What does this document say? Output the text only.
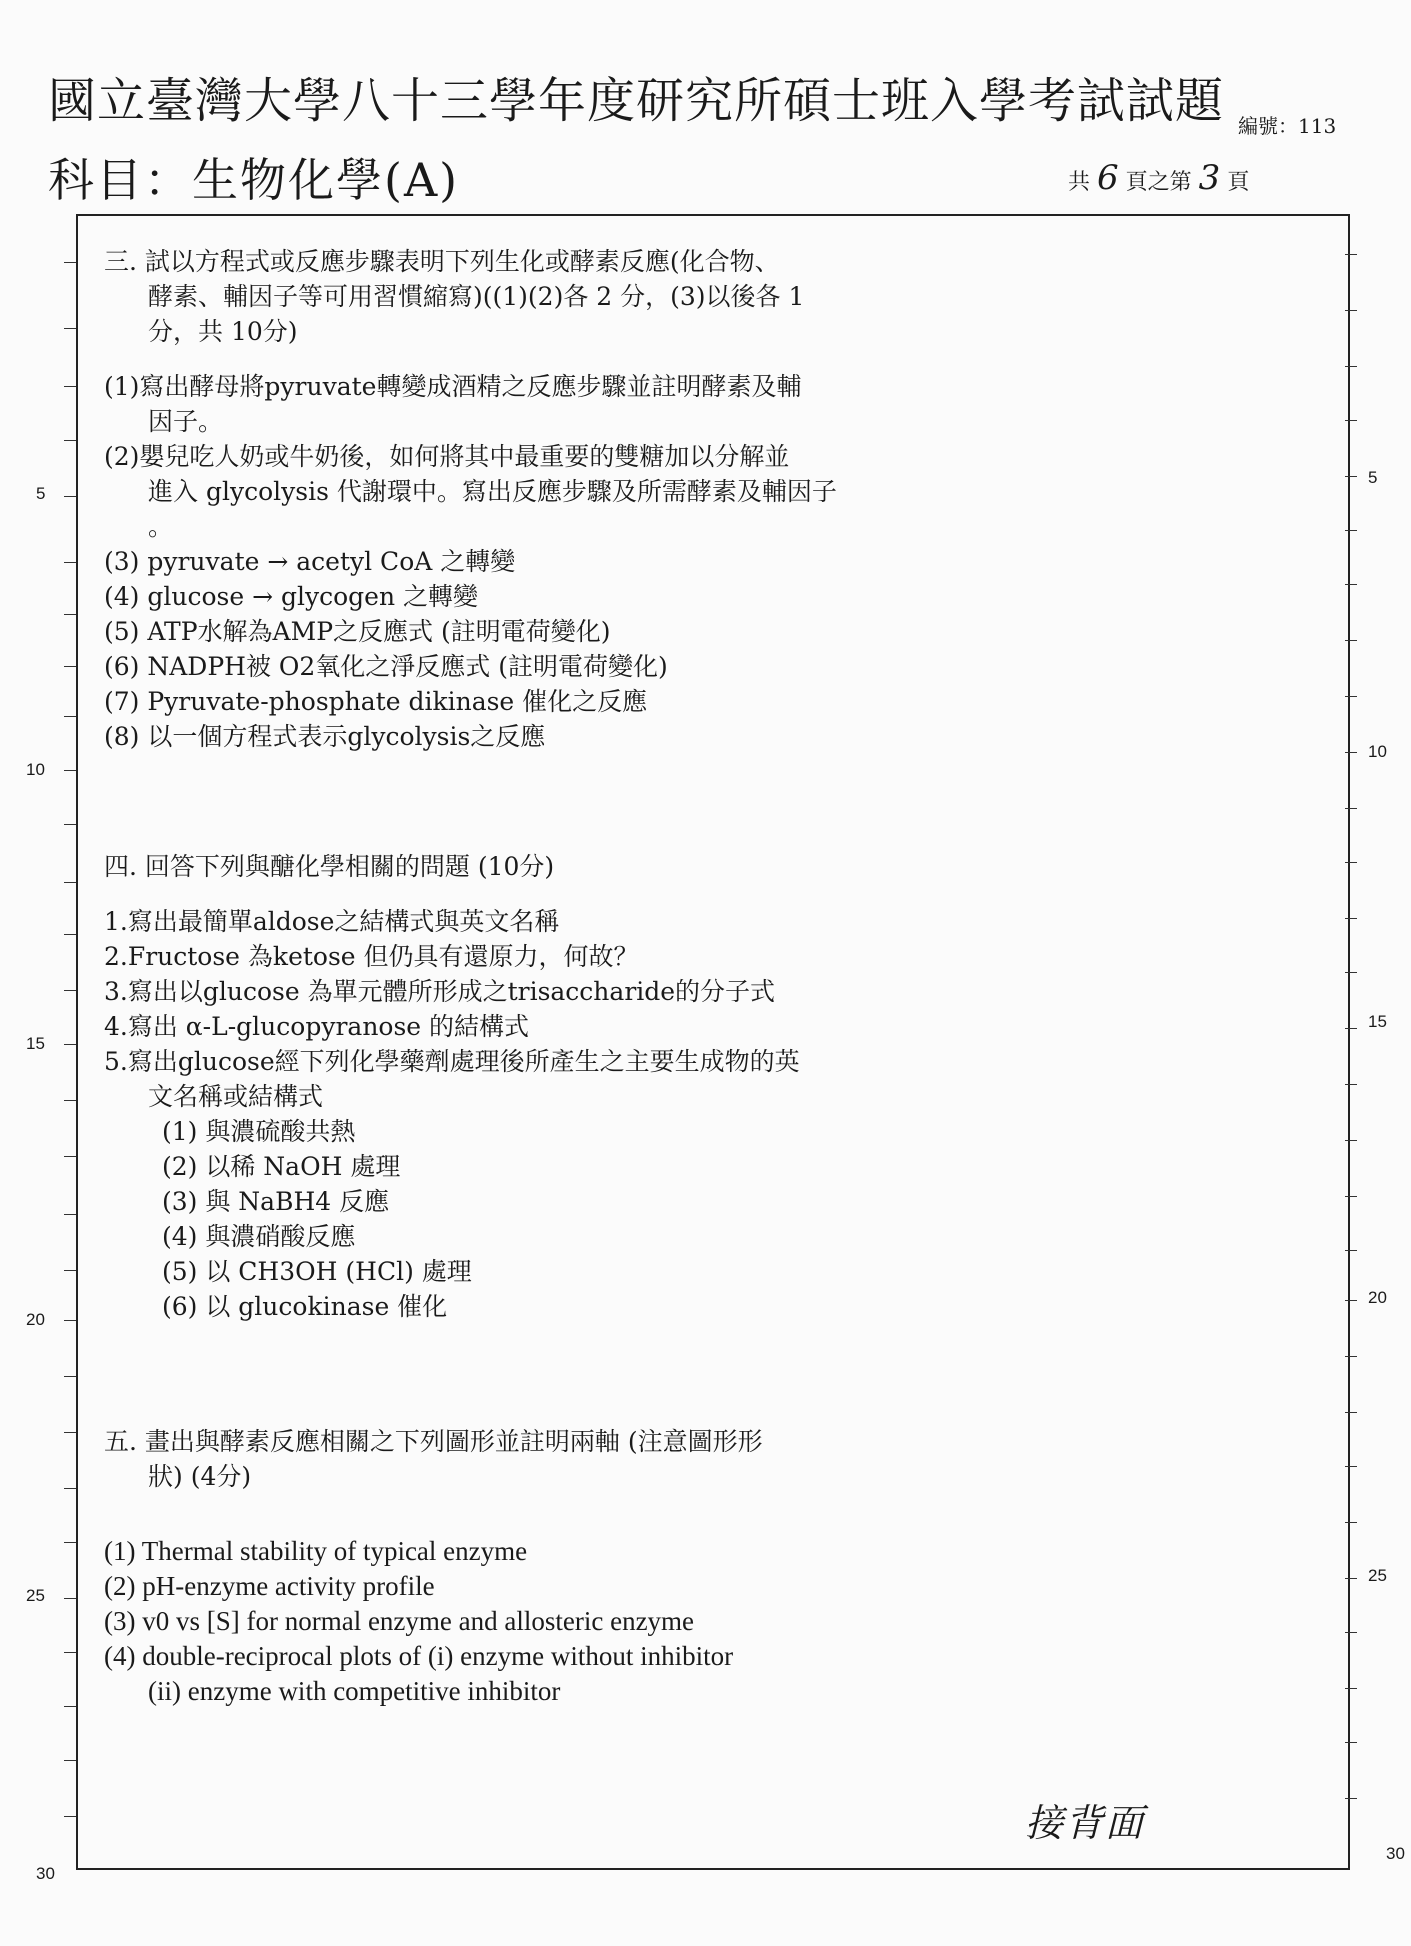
國立臺灣大學八十三學年度研究所碩士班入學考試試題
科目：生物化學(A)
編號：113
共 6 頁之第 3 頁
5
10
15
20
25
30
5
10
15
20
25
30
三. 試以方程式或反應步驟表明下列生化或酵素反應(化合物、
酵素、輔因子等可用習慣縮寫)((1)(2)各 2 分，(3)以後各 1
分，共 10分)
(1)寫出酵母將pyruvate轉變成酒精之反應步驟並註明酵素及輔
因子。
(2)嬰兒吃人奶或牛奶後，如何將其中最重要的雙糖加以分解並
進入 glycolysis 代謝環中。寫出反應步驟及所需酵素及輔因子
。
(3) pyruvate → acetyl CoA 之轉變
(4) glucose → glycogen 之轉變
(5) ATP水解為AMP之反應式 (註明電荷變化)
(6) NADPH被 O2氧化之淨反應式 (註明電荷變化)
(7) Pyruvate-phosphate dikinase 催化之反應
(8) 以一個方程式表示glycolysis之反應
四. 回答下列與醣化學相關的問題 (10分)
1.寫出最簡單aldose之結構式與英文名稱
2.Fructose 為ketose 但仍具有還原力，何故？
3.寫出以glucose 為單元體所形成之trisaccharide的分子式
4.寫出 α-L-glucopyranose 的結構式
5.寫出glucose經下列化學藥劑處理後所產生之主要生成物的英
文名稱或結構式
(1) 與濃硫酸共熱
(2) 以稀 NaOH 處理
(3) 與 NaBH4 反應
(4) 與濃硝酸反應
(5) 以 CH3OH (HCl) 處理
(6) 以 glucokinase 催化
五. 畫出與酵素反應相關之下列圖形並註明兩軸 (注意圖形形
狀) (4分)
(1) Thermal stability of typical enzyme
(2) pH-enzyme activity profile
(3) v0 vs [S] for normal enzyme and allosteric enzyme
(4) double-reciprocal plots of (i) enzyme without inhibitor
(ii) enzyme with competitive inhibitor
接背面
